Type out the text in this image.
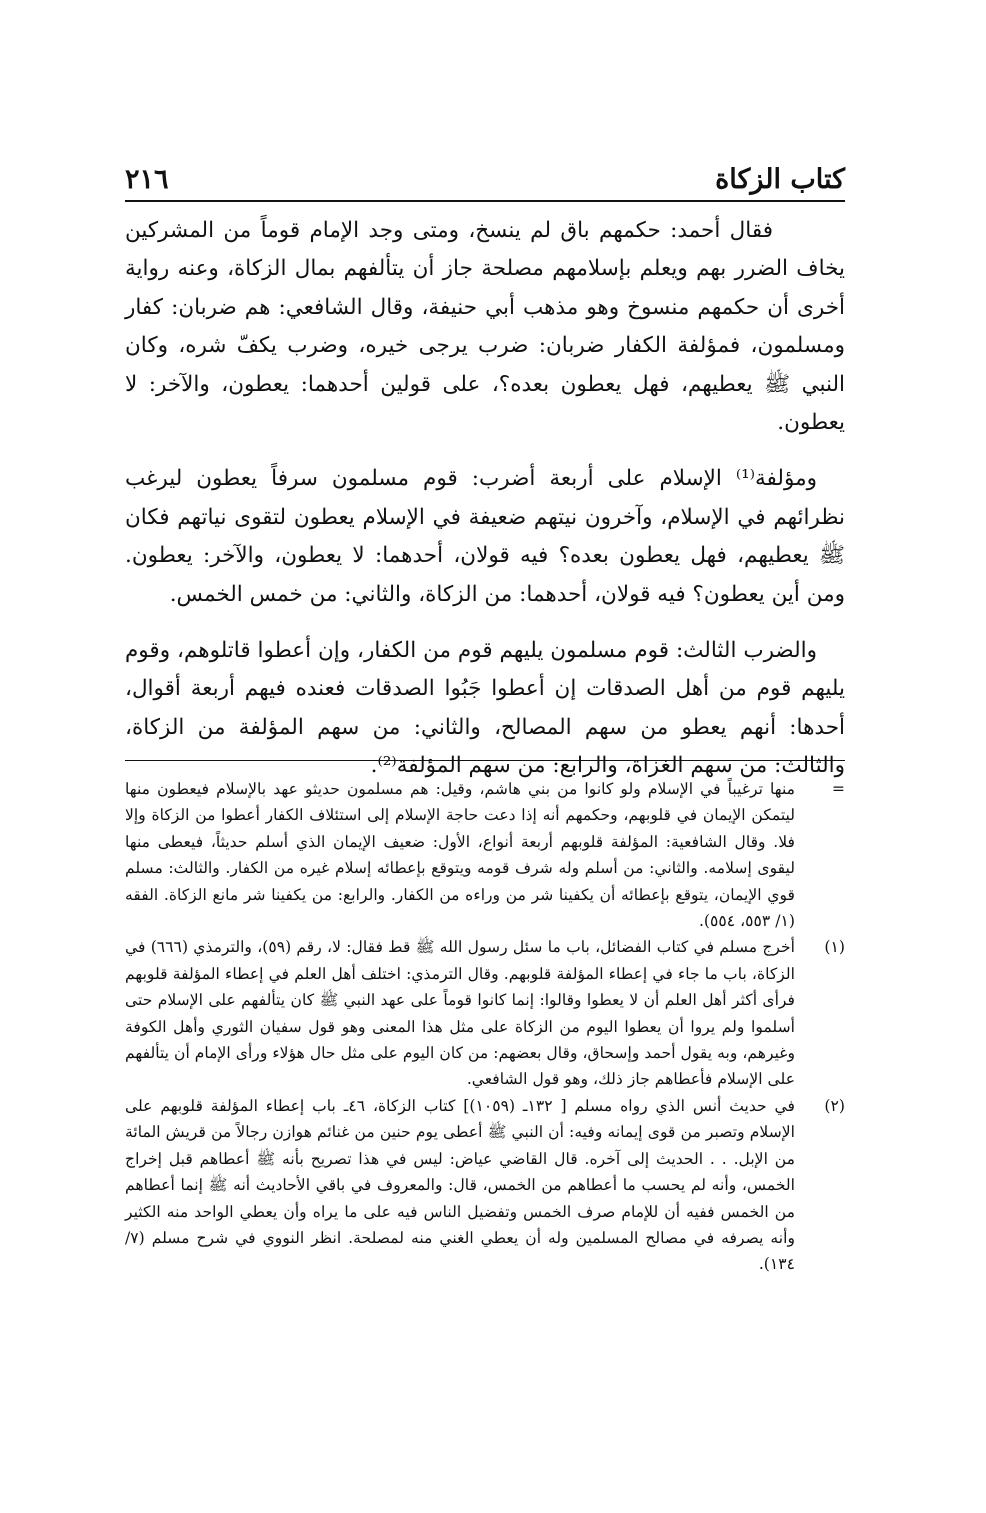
كتاب الزكاة
٢١٦

فقال أحمد: حكمهم باق لم ينسخ، ومتى وجد الإمام قوماً من المشركين يخاف الضرر بهم ويعلم بإسلامهم مصلحة جاز أن يتألفهم بمال الزكاة، وعنه رواية أخرى أن حكمهم منسوخ وهو مذهب أبي حنيفة، وقال الشافعي: هم ضربان: كفار ومسلمون، فمؤلفة الكفار ضربان: ضرب يرجى خيره، وضرب يكفّ شره، وكان النبي ﷺ يعطيهم، فهل يعطون بعده؟، على قولين أحدهما: يعطون، والآخر: لا يعطون.

ومؤلفة⁽¹⁾ الإسلام على أربعة أضرب: قوم مسلمون سرفاً يعطون ليرغب نظرائهم في الإسلام، وآخرون نيتهم ضعيفة في الإسلام يعطون لتقوى نياتهم فكان ﷺ يعطيهم، فهل يعطون بعده؟ فيه قولان، أحدهما: لا يعطون، والآخر: يعطون. ومن أين يعطون؟ فيه قولان، أحدهما: من الزكاة، والثاني: من خمس الخمس.

والضرب الثالث: قوم مسلمون يليهم قوم من الكفار، وإن أعطوا قاتلوهم، وقوم يليهم قوم من أهل الصدقات إن أعطوا جَبُوا الصدقات فعنده فيهم أربعة أقوال، أحدها: أنهم يعطو من سهم المصالح، والثاني: من سهم المؤلفة من الزكاة، والثالث: من سهم الغزاة، والرابع: من سهم المؤلفة⁽²⁾.

=
منها ترغيباً في الإسلام ولو كانوا من بني هاشم، وقيل: هم مسلمون حديثو عهد بالإسلام فيعطون منها ليتمكن الإيمان في قلوبهم، وحكمهم أنه إذا دعت حاجة الإسلام إلى استئلاف الكفار أعطوا من الزكاة وإلا فلا. وقال الشافعية: المؤلفة قلوبهم أربعة أنواع، الأول: ضعيف الإيمان الذي أسلم حديثاً، فيعطى منها ليقوى إسلامه. والثاني: من أسلم وله شرف قومه ويتوقع بإعطائه إسلام غيره من الكفار. والثالث: مسلم قوي الإيمان، يتوقع بإعطائه أن يكفينا شر من وراءه من الكفار. والرابع: من يكفينا شر مانع الزكاة. الفقه (١/ ٥٥٣، ٥٥٤).
(١)
أخرج مسلم في كتاب الفضائل، باب ما سئل رسول الله ﷺ قط فقال: لا، رقم (٥٩)، والترمذي (٦٦٦) في الزكاة، باب ما جاء في إعطاء المؤلفة قلوبهم. وقال الترمذي: اختلف أهل العلم في إعطاء المؤلفة قلوبهم فرأى أكثر أهل العلم أن لا يعطوا وقالوا: إنما كانوا قوماً على عهد النبي ﷺ كان يتألفهم على الإسلام حتى أسلموا ولم يروا أن يعطوا اليوم من الزكاة على مثل هذا المعنى وهو قول سفيان الثوري وأهل الكوفة وغيرهم، وبه يقول أحمد وإسحاق، وقال بعضهم: من كان اليوم على مثل حال هؤلاء ورأى الإمام أن يتألفهم على الإسلام فأعطاهم جاز ذلك، وهو قول الشافعي.
(٢)
في حديث أنس الذي رواه مسلم [ ١٣٢ـ (١٠٥٩)] كتاب الزكاة، ٤٦ـ باب إعطاء المؤلفة قلوبهم على الإسلام وتصبر من قوى إيمانه وفيه: أن النبي ﷺ أعطى يوم حنين من غنائم هوازن رجالاً من قريش المائة من الإبل. . . الحديث إلى آخره. قال القاضي عياض: ليس في هذا تصريح بأنه ﷺ أعطاهم قبل إخراج الخمس، وأنه لم يحسب ما أعطاهم من الخمس، قال: والمعروف في باقي الأحاديث أنه ﷺ إنما أعطاهم من الخمس ففيه أن للإمام صرف الخمس وتفضيل الناس فيه على ما يراه وأن يعطي الواحد منه الكثير وأنه يصرفه في مصالح المسلمين وله أن يعطي الغني منه لمصلحة. انظر النووي في شرح مسلم (٧/ ١٣٤).
